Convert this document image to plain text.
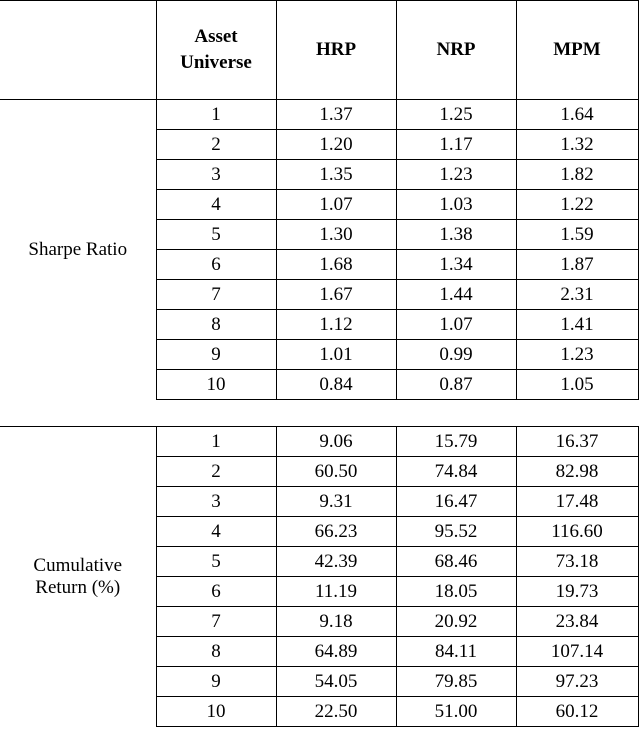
	Asset
Universe	HRP	NRP	MPM
Sharpe Ratio	1	1.37	1.25	1.64
	2	1.20	1.17	1.32
	3	1.35	1.23	1.82
	4	1.07	1.03	1.22
	5	1.30	1.38	1.59
	6	1.68	1.34	1.87
	7	1.67	1.44	2.31
	8	1.12	1.07	1.41
	9	1.01	0.99	1.23
	10	0.84	0.87	1.05

Cumulative
Return (%)	1	9.06	15.79	16.37
	2	60.50	74.84	82.98
	3	9.31	16.47	17.48
	4	66.23	95.52	116.60
	5	42.39	68.46	73.18
	6	11.19	18.05	19.73
	7	9.18	20.92	23.84
	8	64.89	84.11	107.14
	9	54.05	79.85	97.23
	10	22.50	51.00	60.12
